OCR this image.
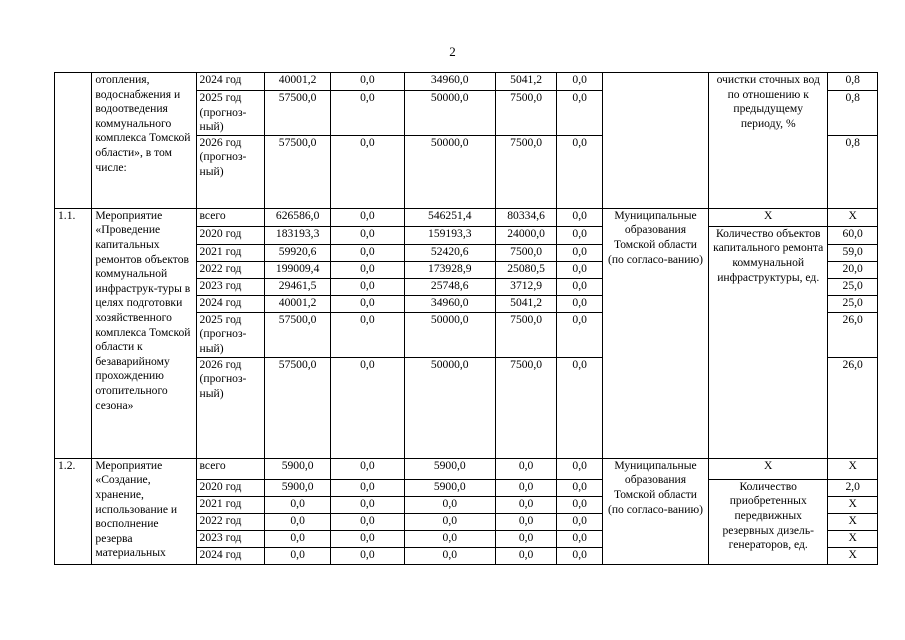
2
	отопления, водоснабжения и водоотведения коммунального комплекса Томской области», в том числе:	2024 год	40001,2	0,0	34960,0	5041,2	0,0		очистки сточных вод по отношению к предыдущему периоду, %	0,8
		2025 год (прогноз-ный)	57500,0	0,0	50000,0	7500,0	0,0			0,8
		2026 год (прогноз-ный)	57500,0	0,0	50000,0	7500,0	0,0			0,8
1.1.	Мероприятие «Проведение капитальных ремонтов объектов коммунальной инфраструк-туры в целях подготовки хозяйственного комплекса Томской области к безаварийному прохождению отопительного сезона»	всего	626586,0	0,0	546251,4	80334,6	0,0	Муниципальные образования Томской области (по согласо-ванию)	X	X
		2020 год	183193,3	0,0	159193,3	24000,0	0,0		Количество объектов капитального ремонта коммунальной инфраструктуры, ед.	60,0
		2021 год	59920,6	0,0	52420,6	7500,0	0,0			59,0
		2022 год	199009,4	0,0	173928,9	25080,5	0,0			20,0
		2023 год	29461,5	0,0	25748,6	3712,9	0,0			25,0
		2024 год	40001,2	0,0	34960,0	5041,2	0,0			25,0
		2025 год (прогноз-ный)	57500,0	0,0	50000,0	7500,0	0,0			26,0
		2026 год (прогноз-ный)	57500,0	0,0	50000,0	7500,0	0,0			26,0
1.2.	Мероприятие «Создание, хранение, использование и восполнение резерва материальных	всего	5900,0	0,0	5900,0	0,0	0,0	Муниципальные образования Томской области (по согласо-ванию)	X	X
		2020 год	5900,0	0,0	5900,0	0,0	0,0		Количество приобретенных передвижных резервных дизель-генераторов, ед.	2,0
		2021 год	0,0	0,0	0,0	0,0	0,0			X
		2022 год	0,0	0,0	0,0	0,0	0,0			X
		2023 год	0,0	0,0	0,0	0,0	0,0			X
		2024 год	0,0	0,0	0,0	0,0	0,0			X
